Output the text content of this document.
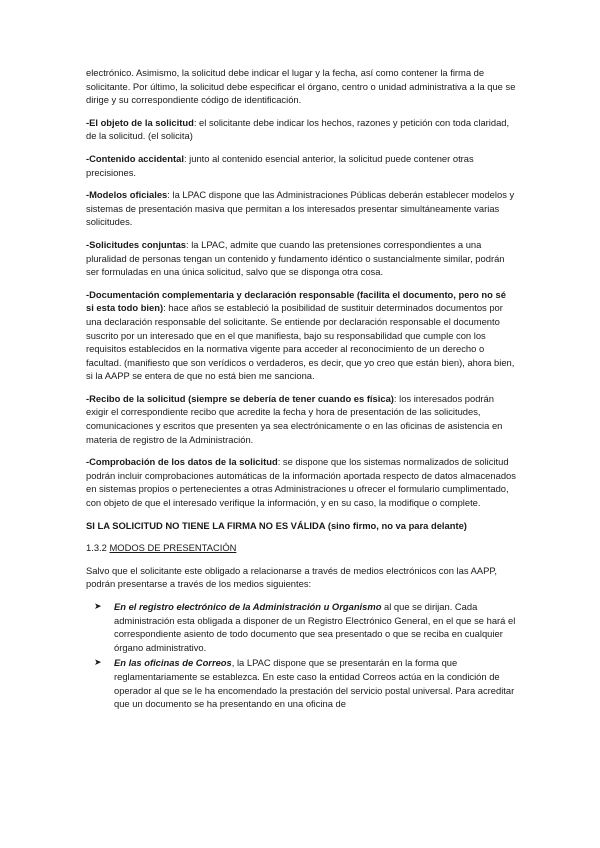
electrónico. Asimismo, la solicitud debe indicar el lugar y la fecha, así como contener la firma de solicitante. Por último, la solicitud debe especificar el órgano, centro o unidad administrativa a la que se dirige y su correspondiente código de identificación.

-El objeto de la solicitud: el solicitante debe indicar los hechos, razones y petición con toda claridad, de la solicitud. (el solicita)

-Contenido accidental: junto al contenido esencial anterior, la solicitud puede contener otras precisiones.

-Modelos oficiales: la LPAC dispone que las Administraciones Públicas deberán establecer modelos y sistemas de presentación masiva que permitan a los interesados presentar simultáneamente varias solicitudes.

-Solicitudes conjuntas: la LPAC, admite que cuando las pretensiones correspondientes a una pluralidad de personas tengan un contenido y fundamento idéntico o sustancialmente similar, podrán ser formuladas en una única solicitud, salvo que se disponga otra cosa.

-Documentación complementaria y declaración responsable (facilita el documento, pero no sé si esta todo bien): hace años se estableció la posibilidad de sustituir determinados documentos por una declaración responsable del solicitante. Se entiende por declaración responsable el documento suscrito por un interesado que en el que manifiesta, bajo su responsabilidad que cumple con los requisitos establecidos en la normativa vigente para acceder al reconocimiento de un derecho o facultad. (manifiesto que son verídicos o verdaderos, es decir, que yo creo que están bien), ahora bien, si la AAPP se entera de que no está bien me sanciona.

-Recibo de la solicitud (siempre se debería de tener cuando es física): los interesados podrán exigir el correspondiente recibo que acredite la fecha y hora de presentación de las solicitudes, comunicaciones y escritos que presenten ya sea electrónicamente o en las oficinas de asistencia en materia de registro de la Administración.

-Comprobación de los datos de la solicitud: se dispone que los sistemas normalizados de solicitud podrán incluir comprobaciones automáticas de la información aportada respecto de datos almacenados en sistemas propios o pertenecientes a otras Administraciones u ofrecer el formulario cumplimentado, con objeto de que el interesado verifique la información, y en su caso, la modifique o complete.

SI LA SOLICITUD NO TIENE LA FIRMA NO ES VÁLIDA (sino firmo, no va para delante)

1.3.2 MODOS DE PRESENTACIÓN

Salvo que el solicitante este obligado a relacionarse a través de medios electrónicos con las AAPP, podrán presentarse a través de los medios siguientes:

➤ En el registro electrónico de la Administración u Organismo al que se dirijan. Cada administración esta obligada a disponer de un Registro Electrónico General, en el que se hará el correspondiente asiento de todo documento que sea presentado o que se reciba en cualquier órgano administrativo.
➤ En las oficinas de Correos, la LPAC dispone que se presentarán en la forma que reglamentariamente se establezca. En este caso la entidad Correos actúa en la condición de operador al que se le ha encomendado la prestación del servicio postal universal. Para acreditar que un documento se ha presentando en una oficina de
